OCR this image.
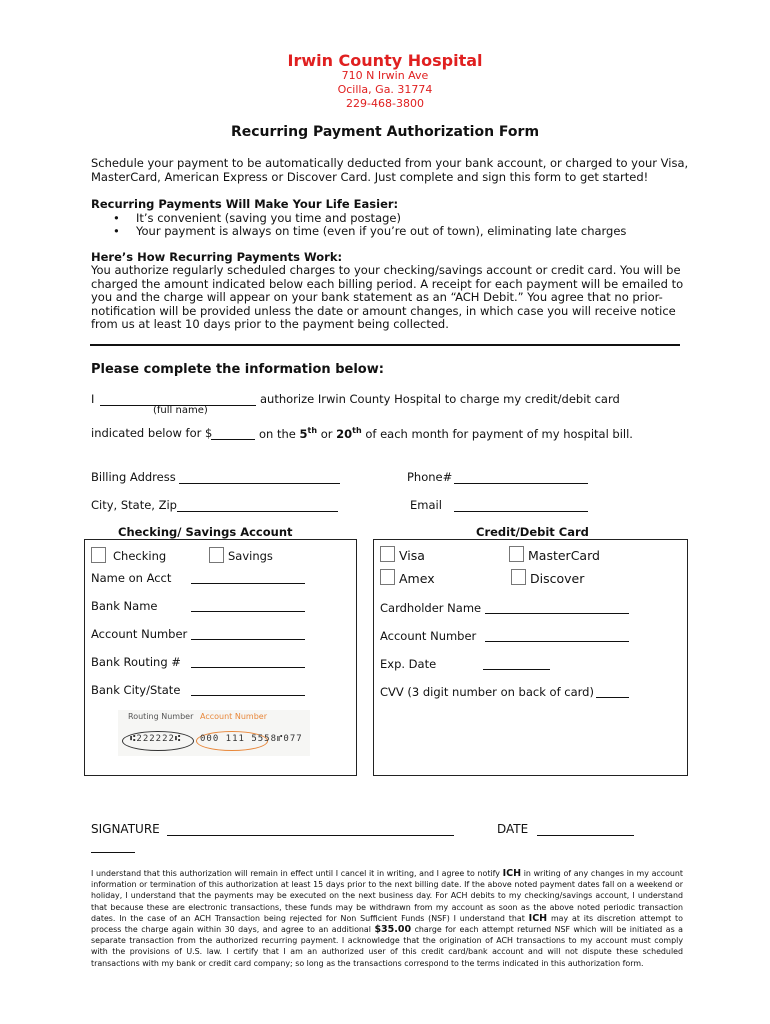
Irwin County Hospital
710 N Irwin Ave
Ocilla, Ga. 31774
229-468-3800
Recurring Payment Authorization Form
Schedule your payment to be automatically deducted from your bank account, or charged to your Visa,
MasterCard, American Express or Discover Card. Just complete and sign this form to get started!
Recurring Payments Will Make Your Life Easier:
• It’s convenient (saving you time and postage)
• Your payment is always on time (even if you’re out of town), eliminating late charges
Here’s How Recurring Payments Work:
You authorize regularly scheduled charges to your checking/savings account or credit card. You will be
charged the amount indicated below each billing period. A receipt for each payment will be emailed to
you and the charge will appear on your bank statement as an “ACH Debit.” You agree that no prior-
notification will be provided unless the date or amount changes, in which case you will receive notice
from us at least 10 days prior to the payment being collected.
Please complete the information below:
I	authorize Irwin County Hospital to charge my credit/debit card
(full name)
indicated below for $	on the 5th or 20th of each month for payment of my hospital bill.
Billing Address	Phone#
City, State, Zip	Email
Checking/ Savings Account
Checking	Savings
Name on Acct
Bank Name
Account Number
Bank Routing #
Bank City/State
Routing Number Account Number
⑆222222⑆ 000 111 5558⑈077
Credit/Debit Card
Visa	MasterCard
Amex	Discover
Cardholder Name
Account Number
Exp. Date
CVV (3 digit number on back of card)
SIGNATURE	DATE
I understand that this authorization will remain in effect until I cancel it in writing, and I agree to notify ICH in writing of any changes in my account information or termination of this authorization at least 15 days prior to the next billing date. If the above noted payment dates fall on a weekend or holiday, I understand that the payments may be executed on the next business day. For ACH debits to my checking/savings account, I understand that because these are electronic transactions, these funds may be withdrawn from my account as soon as the above noted periodic transaction dates. In the case of an ACH Transaction being rejected for Non Sufficient Funds (NSF) I understand that ICH may at its discretion attempt to process the charge again within 30 days, and agree to an additional $35.00 charge for each attempt returned NSF which will be initiated as a separate transaction from the authorized recurring payment. I acknowledge that the origination of ACH transactions to my account must comply with the provisions of U.S. law. I certify that I am an authorized user of this credit card/bank account and will not dispute these scheduled transactions with my bank or credit card company; so long as the transactions correspond to the terms indicated in this authorization form.
